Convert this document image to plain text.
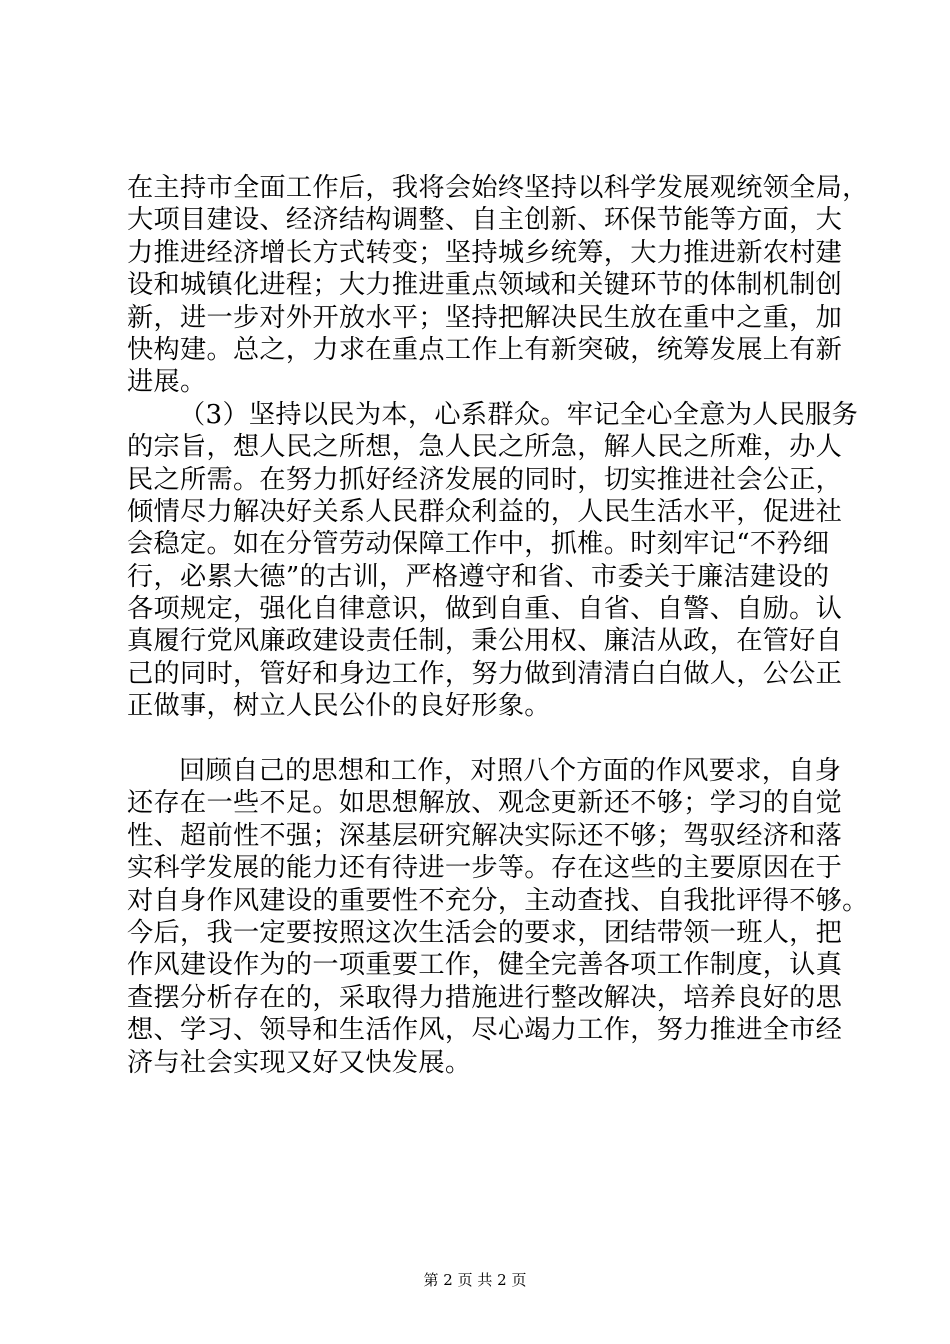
在主持市全面工作后，我将会始终坚持以科学发展观统领全局，
大项目建设、经济结构调整、自主创新、环保节能等方面，大
力推进经济增长方式转变；坚持城乡统筹，大力推进新农村建
设和城镇化进程；大力推进重点领域和关键环节的体制机制创
新，进一步对外开放水平；坚持把解决民生放在重中之重，加
快构建。总之，力求在重点工作上有新突破，统筹发展上有新
进展。
（3）坚持以民为本，心系群众。牢记全心全意为人民服务
的宗旨，想人民之所想，急人民之所急，解人民之所难，办人
民之所需。在努力抓好经济发展的同时，切实推进社会公正，
倾情尽力解决好关系人民群众利益的，人民生活水平，促进社
会稳定。如在分管劳动保障工作中，抓椎。时刻牢记“不矜细
行，必累大德”的古训，严格遵守和省、市委关于廉洁建设的
各项规定，强化自律意识，做到自重、自省、自警、自励。认
真履行党风廉政建设责任制，秉公用权、廉洁从政，在管好自
己的同时，管好和身边工作，努力做到清清白白做人，公公正
正做事，树立人民公仆的良好形象。
回顾自己的思想和工作，对照八个方面的作风要求，自身
还存在一些不足。如思想解放、观念更新还不够；学习的自觉
性、超前性不强；深基层研究解决实际还不够；驾驭经济和落
实科学发展的能力还有待进一步等。存在这些的主要原因在于
对自身作风建设的重要性不充分，主动查找、自我批评得不够。
今后，我一定要按照这次生活会的要求，团结带领一班人，把
作风建设作为的一项重要工作，健全完善各项工作制度，认真
查摆分析存在的，采取得力措施进行整改解决，培养良好的思
想、学习、领导和生活作风，尽心竭力工作，努力推进全市经
济与社会实现又好又快发展。
第 2 页 共 2 页
